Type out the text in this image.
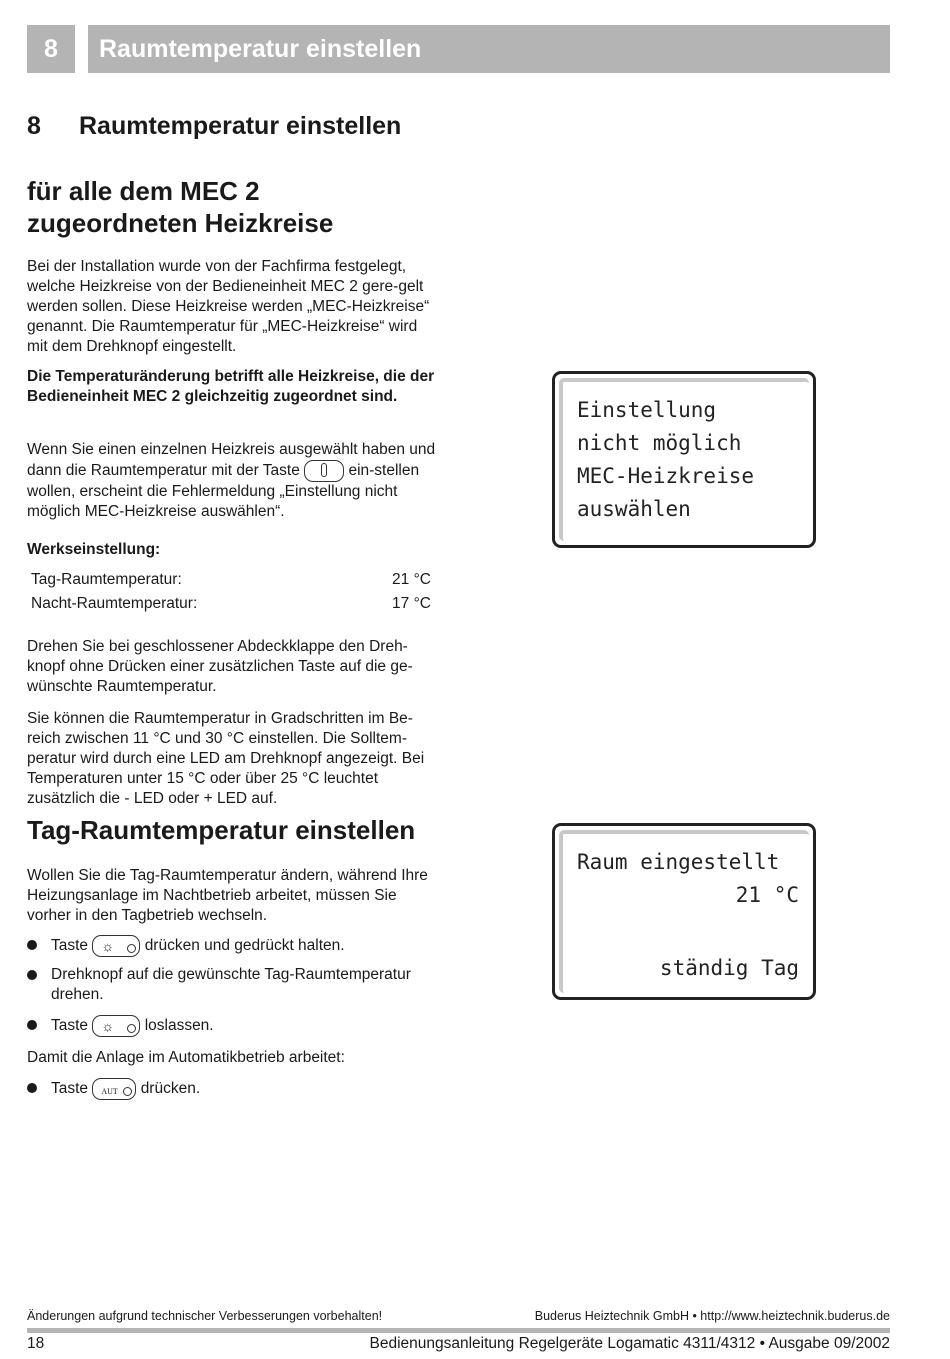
8	Raumtemperatur einstellen
8 Raumtemperatur einstellen
für alle dem MEC 2
zugeordneten Heizkreise

Bei der Installation wurde von der Fachfirma festgelegt, welche Heizkreise von der Bedieneinheit MEC 2 gere-gelt werden sollen. Diese Heizkreise werden „MEC-Heizkreise“ genannt. Die Raumtemperatur für „MEC-Heizkreise“ wird mit dem Drehknopf eingestellt.

Die Temperaturänderung betrifft alle Heizkreise, die der Bedieneinheit MEC 2 gleichzeitig zugeordnet sind.

Wenn Sie einen einzelnen Heizkreis ausgewählt haben und dann die Raumtemperatur mit der Taste	ein-stellen wollen, erscheint die Fehlermeldung „Einstellung nicht möglich MEC-Heizkreise auswählen“.

Werkseinstellung:
Tag-Raumtemperatur:	21 °C
Nacht-Raumtemperatur:	17 °C

Drehen Sie bei geschlossener Abdeckklappe den Dreh-knopf ohne Drücken einer zusätzlichen Taste auf die ge-wünschte Raumtemperatur.

Sie können die Raumtemperatur in Gradschritten im Be-reich zwischen 11 °C und 30 °C einstellen. Die Solltem-peratur wird durch eine LED am Drehknopf angezeigt. Bei Temperaturen unter 15 °C oder über 25 °C leuchtet zusätzlich die - LED oder + LED auf.

Tag-Raumtemperatur einstellen

Wollen Sie die Tag-Raumtemperatur ändern, während Ihre Heizungsanlage im Nachtbetrieb arbeitet, müssen Sie vorher in den Tagbetrieb wechseln.

Taste ☼ drücken und gedrückt halten.
Drehknopf auf die gewünschte Tag-Raumtemperatur drehen.
Taste ☼ loslassen.
Damit die Anlage im Automatikbetrieb arbeitet:
Taste AUT drücken.
Einstellung
nicht möglich
MEC-Heizkreise
auswählen
Raum eingestellt
21 °C
ständig Tag
Änderungen aufgrund technischer Verbesserungen vorbehalten!	Buderus Heiztechnik GmbH • http://www.heiztechnik.buderus.de
18	Bedienungsanleitung Regelgeräte Logamatic 4311/4312 • Ausgabe 09/2002
